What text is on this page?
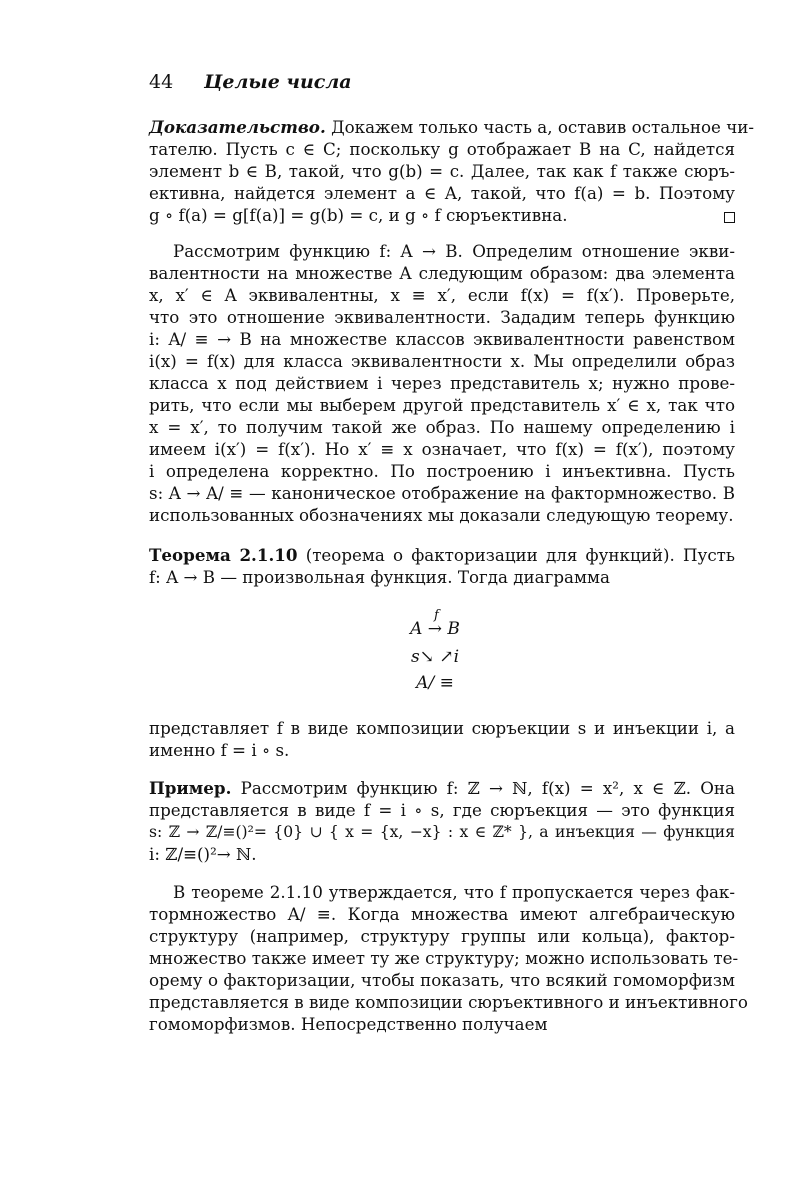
44 Целые числа
Доказательство. Докажем только часть a, оставив остальное чи-
тателю. Пусть c ∈ C; поскольку g отображает B на C, найдется
элемент b ∈ B, такой, что g(b) = c. Далее, так как f также сюръ-
ективна, найдется элемент a ∈ A, такой, что f(a) = b. Поэтому
g ∘ f(a) = g[f(a)] = g(b) = c, и g ∘ f сюръективна.
Рассмотрим функцию f: A → B. Определим отношение экви-
валентности на множестве A следующим образом: два элемента
x, x′ ∈ A эквивалентны, x ≡ x′, если f(x) = f(x′). Проверьте,
что это отношение эквивалентности. Зададим теперь функцию
i: A/ ≡ → B на множестве классов эквивалентности равенством
i(x) = f(x) для класса эквивалентности x. Мы определили образ
класса x под действием i через представитель x; нужно прове-
рить, что если мы выберем другой представитель x′ ∈ x, так что
x = x′, то получим такой же образ. По нашему определению i
имеем i(x′) = f(x′). Но x′ ≡ x означает, что f(x) = f(x′), поэтому
i определена корректно. По построению i инъективна. Пусть
s: A → A/ ≡ — каноническое отображение на фактормножество. В
использованных обозначениях мы доказали следующую теорему.
Теорема 2.1.10 (теорема о факторизации для функций). Пусть
f: A → B — произвольная функция. Тогда диаграмма
f
A → B
s↘ ↗i
A/ ≡
представляет f в виде композиции сюръекции s и инъекции i, а
именно f = i ∘ s.
Пример. Рассмотрим функцию f: ℤ → ℕ, f(x) = x², x ∈ ℤ. Она
представляется в виде f = i ∘ s, где сюръекция — это функция
s: ℤ → ℤ/≡()²= {0} ∪ { x = {x, −x} : x ∈ ℤ* }, а инъекция — функция
i: ℤ/≡()²→ ℕ.
В теореме 2.1.10 утверждается, что f пропускается через фак-
тормножество A/ ≡. Когда множества имеют алгебраическую
структуру (например, структуру группы или кольца), фактор-
множество также имеет ту же структуру; можно использовать те-
орему о факторизации, чтобы показать, что всякий гомоморфизм
представляется в виде композиции сюръективного и инъективного
гомоморфизмов. Непосредственно получаем
